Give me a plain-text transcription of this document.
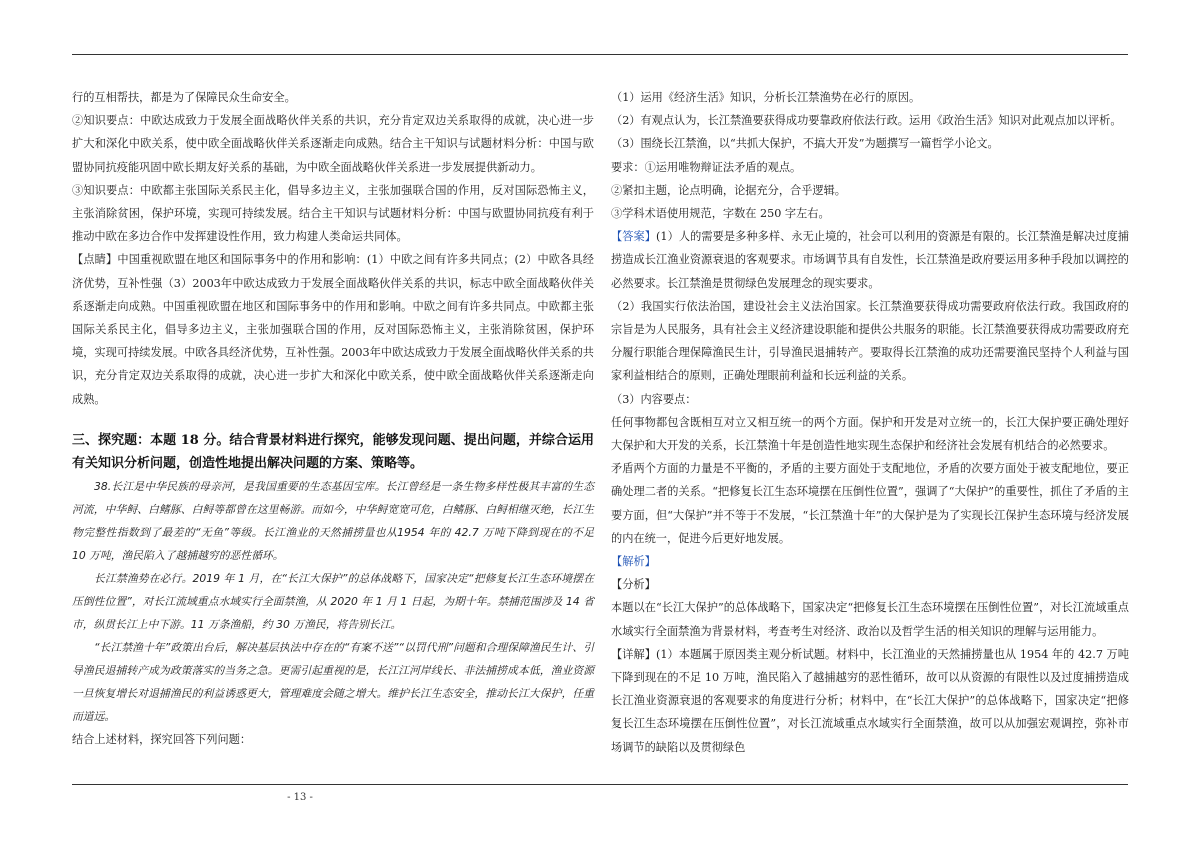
行的互相帮扶，都是为了保障民众生命安全。

②知识要点：中欧达成致力于发展全面战略伙伴关系的共识，充分肯定双边关系取得的成就，决心进一步扩大和深化中欧关系，使中欧全面战略伙伴关系逐渐走向成熟。结合主干知识与试题材料分析：中国与欧盟协同抗疫能巩固中欧长期友好关系的基础，为中欧全面战略伙伴关系进一步发展提供新动力。

③知识要点：中欧都主张国际关系民主化，倡导多边主义，主张加强联合国的作用，反对国际恐怖主义，主张消除贫困，保护环境，实现可持续发展。结合主干知识与试题材料分析：中国与欧盟协同抗疫有利于推动中欧在多边合作中发挥建设性作用，致力构建人类命运共同体。

【点睛】中国重视欧盟在地区和国际事务中的作用和影响：(1）中欧之间有许多共同点；(2）中欧各具经济优势，互补性强（3）2003年中欧达成致力于发展全面战略伙伴关系的共识，标志中欧全面战略伙伴关系逐渐走向成熟。中国重视欧盟在地区和国际事务中的作用和影响。中欧之间有许多共同点。中欧都主张国际关系民主化，倡导多边主义，主张加强联合国的作用，反对国际恐怖主义，主张消除贫困，保护环境，实现可持续发展。中欧各具经济优势，互补性强。2003年中欧达成致力于发展全面战略伙伴关系的共识，充分肯定双边关系取得的成就，决心进一步扩大和深化中欧关系，使中欧全面战略伙伴关系逐渐走向成熟。

三、探究题：本题 18 分。结合背景材料进行探究，能够发现问题、提出问题，并综合运用有关知识分析问题，创造性地提出解决问题的方案、策略等。

38.长江是中华民族的母亲河，是我国重要的生态基因宝库。长江曾经是一条生物多样性极其丰富的生态河流，中华鲟、白鳍豚、白鲟等都曾在这里畅游。而如今，中华鲟宽宽可危，白鳍豚、白鲟相继灭绝，长江生物完整性指数到了最差的“无鱼”等级。长江渔业的天然捕捞量也从1954 年的 42.7 万吨下降到现在的不足 10 万吨，渔民陷入了越捕越穷的恶性循环。

长江禁渔势在必行。2019 年 1 月，在“长江大保护”的总体战略下，国家决定“把修复长江生态环境摆在压倒性位置”，对长江流域重点水域实行全面禁渔，从 2020 年 1 月 1 日起，为期十年。禁捕范围涉及 14 省市，纵贯长江上中下游。11 万条渔船，约 30 万渔民，将告别长江。

“长江禁渔十年”政策出台后，解决基层执法中存在的“有案不送”“以罚代刑”问题和合理保障渔民生计、引导渔民退捕转产成为政策落实的当务之急。更需引起重视的是，长江江河岸线长、非法捕捞成本低，渔业资源一旦恢复增长对退捕渔民的利益诱惑更大，管理难度会随之增大。维护长江生态安全，推动长江大保护，任重而道远。

结合上述材料，探究回答下列问题：

（1）运用《经济生活》知识，分析长江禁渔势在必行的原因。

（2）有观点认为，长江禁渔要获得成功要靠政府依法行政。运用《政治生活》知识对此观点加以评析。

（3）围绕长江禁渔，以“共抓大保护，不搞大开发”为题撰写一篇哲学小论文。

要求：①运用唯物辩证法矛盾的观点。

②紧扣主题，论点明确，论据充分，合乎逻辑。

③学科术语使用规范，字数在 250 字左右。

【答案】(1）人的需要是多种多样、永无止境的，社会可以利用的资源是有限的。长江禁渔是解决过度捕捞造成长江渔业资源衰退的客观要求。市场调节具有自发性，长江禁渔是政府要运用多种手段加以调控的必然要求。长江禁渔是贯彻绿色发展理念的现实要求。

（2）我国实行依法治国，建设社会主义法治国家。长江禁渔要获得成功需要政府依法行政。我国政府的宗旨是为人民服务，具有社会主义经济建设职能和提供公共服务的职能。长江禁渔要获得成功需要政府充分履行职能合理保障渔民生计，引导渔民退捕转产。要取得长江禁渔的成功还需要渔民坚持个人利益与国家利益相结合的原则，正确处理眼前利益和长远利益的关系。

（3）内容要点：

任何事物都包含既相互对立又相互统一的两个方面。保护和开发是对立统一的，长江大保护要正确处理好大保护和大开发的关系，长江禁渔十年是创造性地实现生态保护和经济社会发展有机结合的必然要求。

矛盾两个方面的力量是不平衡的，矛盾的主要方面处于支配地位，矛盾的次要方面处于被支配地位，要正确处理二者的关系。“把修复长江生态环境摆在压倒性位置”，强调了“大保护”的重要性，抓住了矛盾的主要方面，但“大保护”并不等于不发展，“长江禁渔十年”的大保护是为了实现长江保护生态环境与经济发展的内在统一，促进今后更好地发展。

【解析】

【分析】

本题以在“长江大保护”的总体战略下，国家决定“把修复长江生态环境摆在压倒性位置”，对长江流域重点水域实行全面禁渔为背景材料，考查考生对经济、政治以及哲学生活的相关知识的理解与运用能力。

【详解】(1）本题属于原因类主观分析试题。材料中，长江渔业的天然捕捞量也从 1954 年的 42.7 万吨下降到现在的不足 10 万吨，渔民陷入了越捕越穷的恶性循环，故可以从资源的有限性以及过度捕捞造成长江渔业资源衰退的客观要求的角度进行分析；材料中，在“长江大保护”的总体战略下，国家决定“把修复长江生态环境摆在压倒性位置”，对长江流域重点水域实行全面禁渔，故可以从加强宏观调控，弥补市场调节的缺陷以及贯彻绿色

- 13 -
